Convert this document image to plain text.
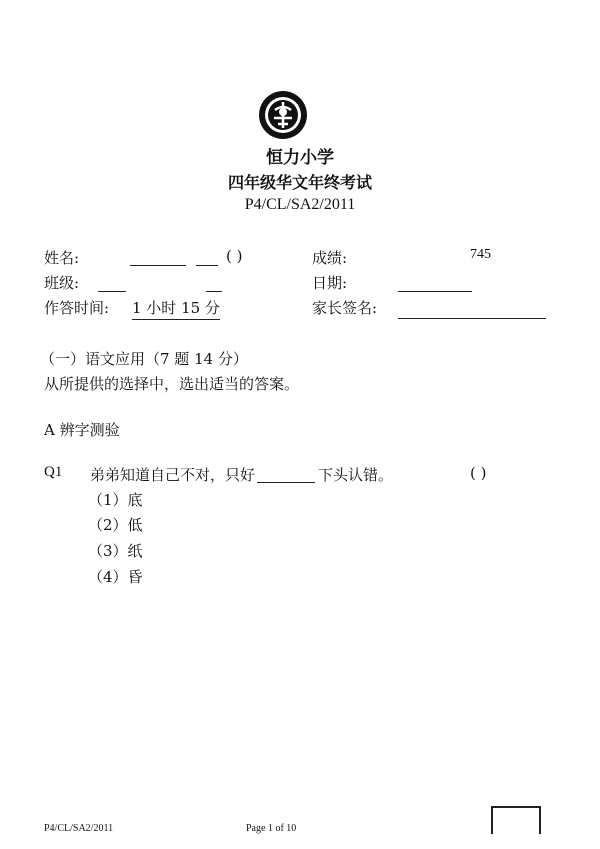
恒力小学
四年级华文年终考试
P4/CL/SA2/2011
姓名:	( )	成绩:	745
班级:	日期:
作答时间: 1 小时 15 分	家长签名:
（一）语文应用（7 题 14 分）
从所提供的选择中，选出适当的答案。
A 辨字测验
Q1 弟弟知道自己不对，只好	下头认错。	( )
（1）底
（2）低
（3）纸
（4）昏
P4/CL/SA2/2011	Page 1 of 10
